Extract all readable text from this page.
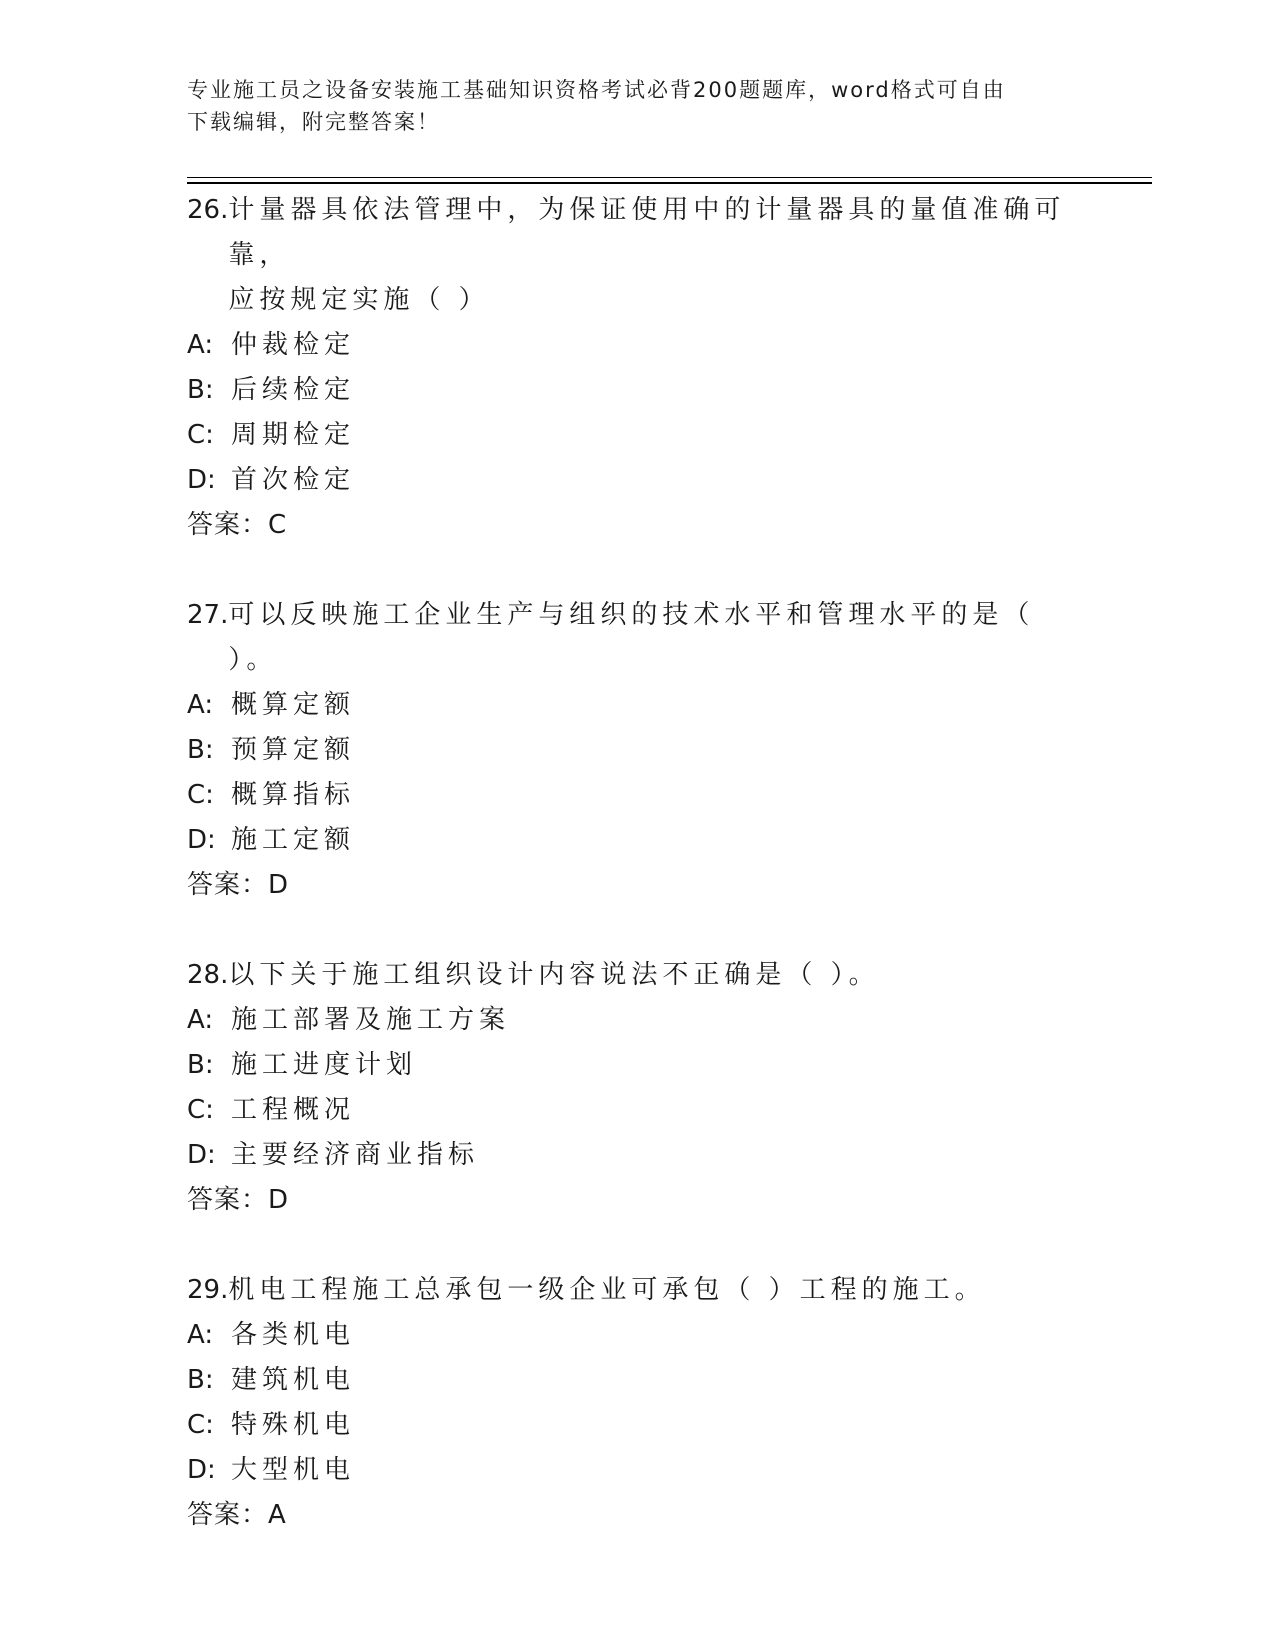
专业施工员之设备安装施工基础知识资格考试必背200题题库，word格式可自由
下载编辑，附完整答案！
26. 计量器具依法管理中，为保证使用中的计量器具的量值准确可靠，
应按规定实施（ ）
A: 仲裁检定
B: 后续检定
C: 周期检定
D: 首次检定
答案：C
27. 可以反映施工企业生产与组织的技术水平和管理水平的是（ ）。
A: 概算定额
B: 预算定额
C: 概算指标
D: 施工定额
答案：D
28. 以下关于施工组织设计内容说法不正确是（ ）。
A: 施工部署及施工方案
B: 施工进度计划
C: 工程概况
D: 主要经济商业指标
答案：D
29. 机电工程施工总承包一级企业可承包（ ）工程的施工。
A: 各类机电
B: 建筑机电
C: 特殊机电
D: 大型机电
答案：A
